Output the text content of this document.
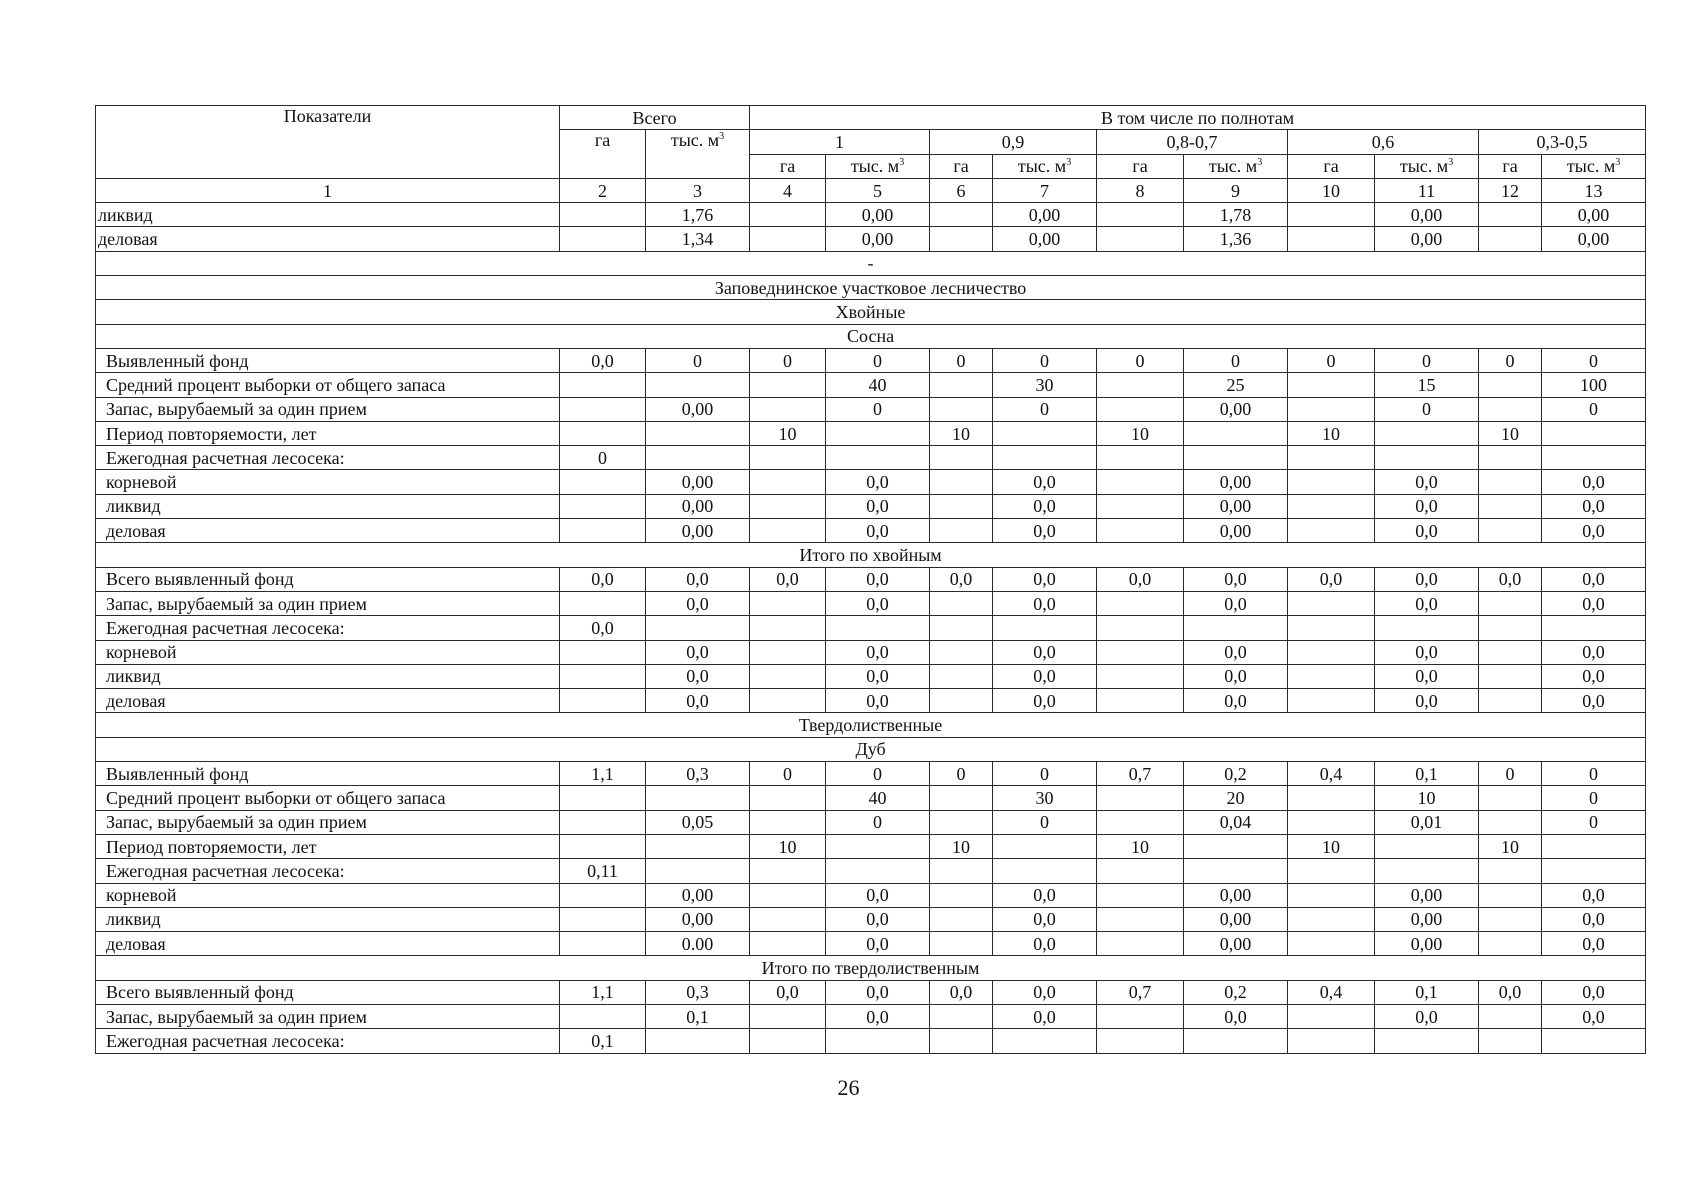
Показатели	Всего		В том числе по полнотам									
	га	тыс. $м^3$	1		0,9		0,8-0,7		0,6		0,3-0,5	
			га	тыс. $м^3$	га	тыс. $м^3$	га	тыс. $м^3$	га	тыс. $м^3$	га	тыс. $м^3$
1	2	3	4	5	6	7	8	9	10	11	12	13
ликвид		1,76		0,00		0,00		1,78		0,00		0,00
деловая		1,34		0,00		0,00		1,36		0,00		0,00
-												
Заповеднинское участковое лесничество												
Хвойные												
Сосна												
Выявленный фонд	0,0	0	0	0	0	0	0	0	0	0	0	0
Средний процент выборки от общего запаса				40		30		25		15		100
Запас, вырубаемый за один прием		0,00		0		0		0,00		0		0
Период повторяемости, лет			10		10		10		10		10	
Ежегодная расчетная лесосека:	0											
корневой		0,00		0,0		0,0		0,00		0,0		0,0
ликвид		0,00		0,0		0,0		0,00		0,0		0,0
деловая		0,00		0,0		0,0		0,00		0,0		0,0
Итого по хвойным												
Всего выявленный фонд	0,0	0,0	0,0	0,0	0,0	0,0	0,0	0,0	0,0	0,0	0,0	0,0
Запас, вырубаемый за один прием		0,0		0,0		0,0		0,0		0,0		0,0
Ежегодная расчетная лесосека:	0,0											
корневой		0,0		0,0		0,0		0,0		0,0		0,0
ликвид		0,0		0,0		0,0		0,0		0,0		0,0
деловая		0,0		0,0		0,0		0,0		0,0		0,0
Твердолиственные												
Дуб												
Выявленный фонд	1,1	0,3	0	0	0	0	0,7	0,2	0,4	0,1	0	0
Средний процент выборки от общего запаса				40		30		20		10		0
Запас, вырубаемый за один прием		0,05		0		0		0,04		0,01		0
Период повторяемости, лет			10		10		10		10		10	
Ежегодная расчетная лесосека:	0,11											
корневой		0,00		0,0		0,0		0,00		0,00		0,0
ликвид		0,00		0,0		0,0		0,00		0,00		0,0
деловая		0.00		0,0		0,0		0,00		0,00		0,0
Итого по твердолиственным												
Всего выявленный фонд	1,1	0,3	0,0	0,0	0,0	0,0	0,7	0,2	0,4	0,1	0,0	0,0
Запас, вырубаемый за один прием		0,1		0,0		0,0		0,0		0,0		0,0
Ежегодная расчетная лесосека:	0,1											
26
